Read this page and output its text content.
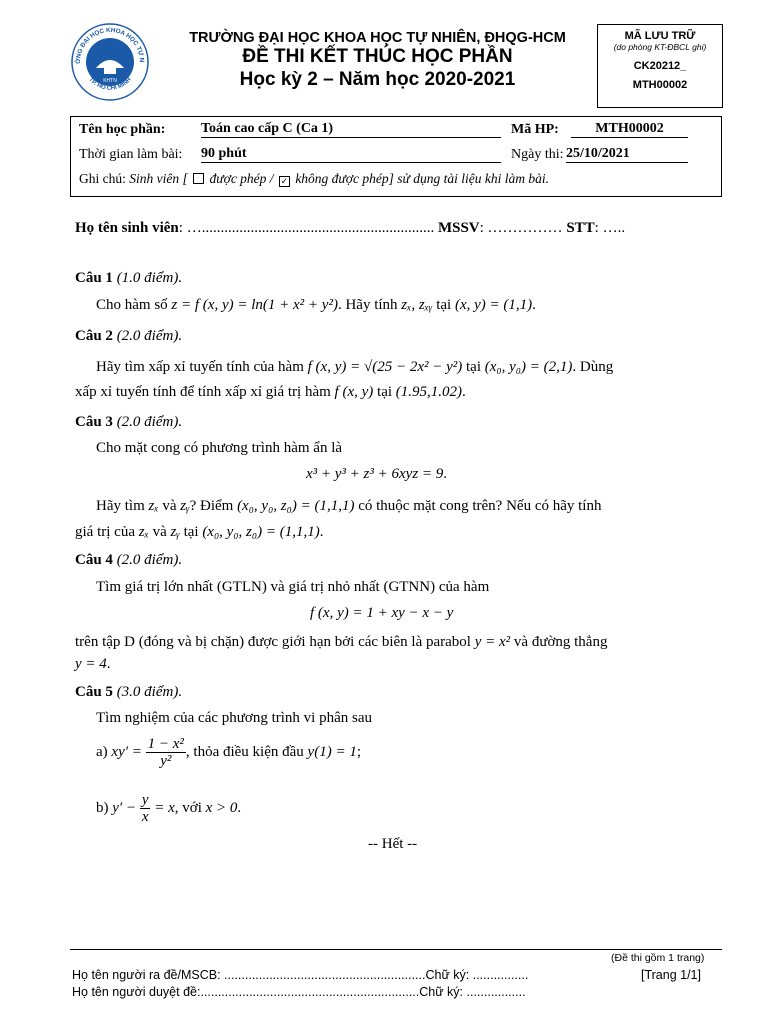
ỜNG ĐẠI HỌC KHOA HỌC TỰ N
TP. HỒ CHÍ MINH
KHTN
TRƯỜNG ĐẠI HỌC KHOA HỌC TỰ NHIÊN, ĐHQG-HCM
ĐỀ THI KẾT THÚC HỌC PHẦN
Học kỳ 2 – Năm học 2020-2021
MÃ LƯU TRỮ
(do phòng KT-ĐBCL ghi)
CK20212_
MTH00002
Tên học phần:	Toán cao cấp C (Ca 1)	Mã HP:	MTH00002
Thời gian làm bài: 90 phút	Ngày thi: 25/10/2021
Ghi chú: Sinh viên [ được phép / ✓ không được phép] sử dụng tài liệu khi làm bài.
Họ tên sinh viên: ….............................................................. MSSV: …………… STT: …..
Câu 1 (1.0 điểm).
Cho hàm số z = f (x, y) = ln(1 + x² + y²). Hãy tính zₓ, zₓᵧ tại (x, y) = (1,1).
Câu 2 (2.0 điểm).
Hãy tìm xấp xỉ tuyến tính của hàm f (x, y) = √(25 − 2x² − y²) tại (x₀, y₀) = (2,1). Dùng
xấp xỉ tuyến tính để tính xấp xỉ giá trị hàm f (x, y) tại (1.95,1.02).
Câu 3 (2.0 điểm).
Cho mặt cong có phương trình hàm ẩn là
x³ + y³ + z³ + 6xyz = 9.
Hãy tìm zₓ và zᵧ? Điểm (x₀, y₀, z₀) = (1,1,1) có thuộc mặt cong trên? Nếu có hãy tính
giá trị của zₓ và zᵧ tại (x₀, y₀, z₀) = (1,1,1).
Câu 4 (2.0 điểm).
Tìm giá trị lớn nhất (GTLN) và giá trị nhỏ nhất (GTNN) của hàm
f (x, y) = 1 + xy − x − y
trên tập D (đóng và bị chặn) được giới hạn bởi các biên là parabol y = x² và đường thẳng
y = 4.
Câu 5 (3.0 điểm).
Tìm nghiệm của các phương trình vi phân sau
a) $xy' = \frac{\text{1 − x²}}{\text{y²}}$ , thỏa điều kiện đầu y(1) = 1;
b) $y' - \frac{y}{x} = x$, với x > 0.
-- Hết --
(Đề thi gồm 1 trang)
Họ tên người ra đề/MSCB: ..........................................................Chữ ký: ................	[Trang 1/1]
Họ tên người duyệt đề:...............................................................Chữ ký: .................
